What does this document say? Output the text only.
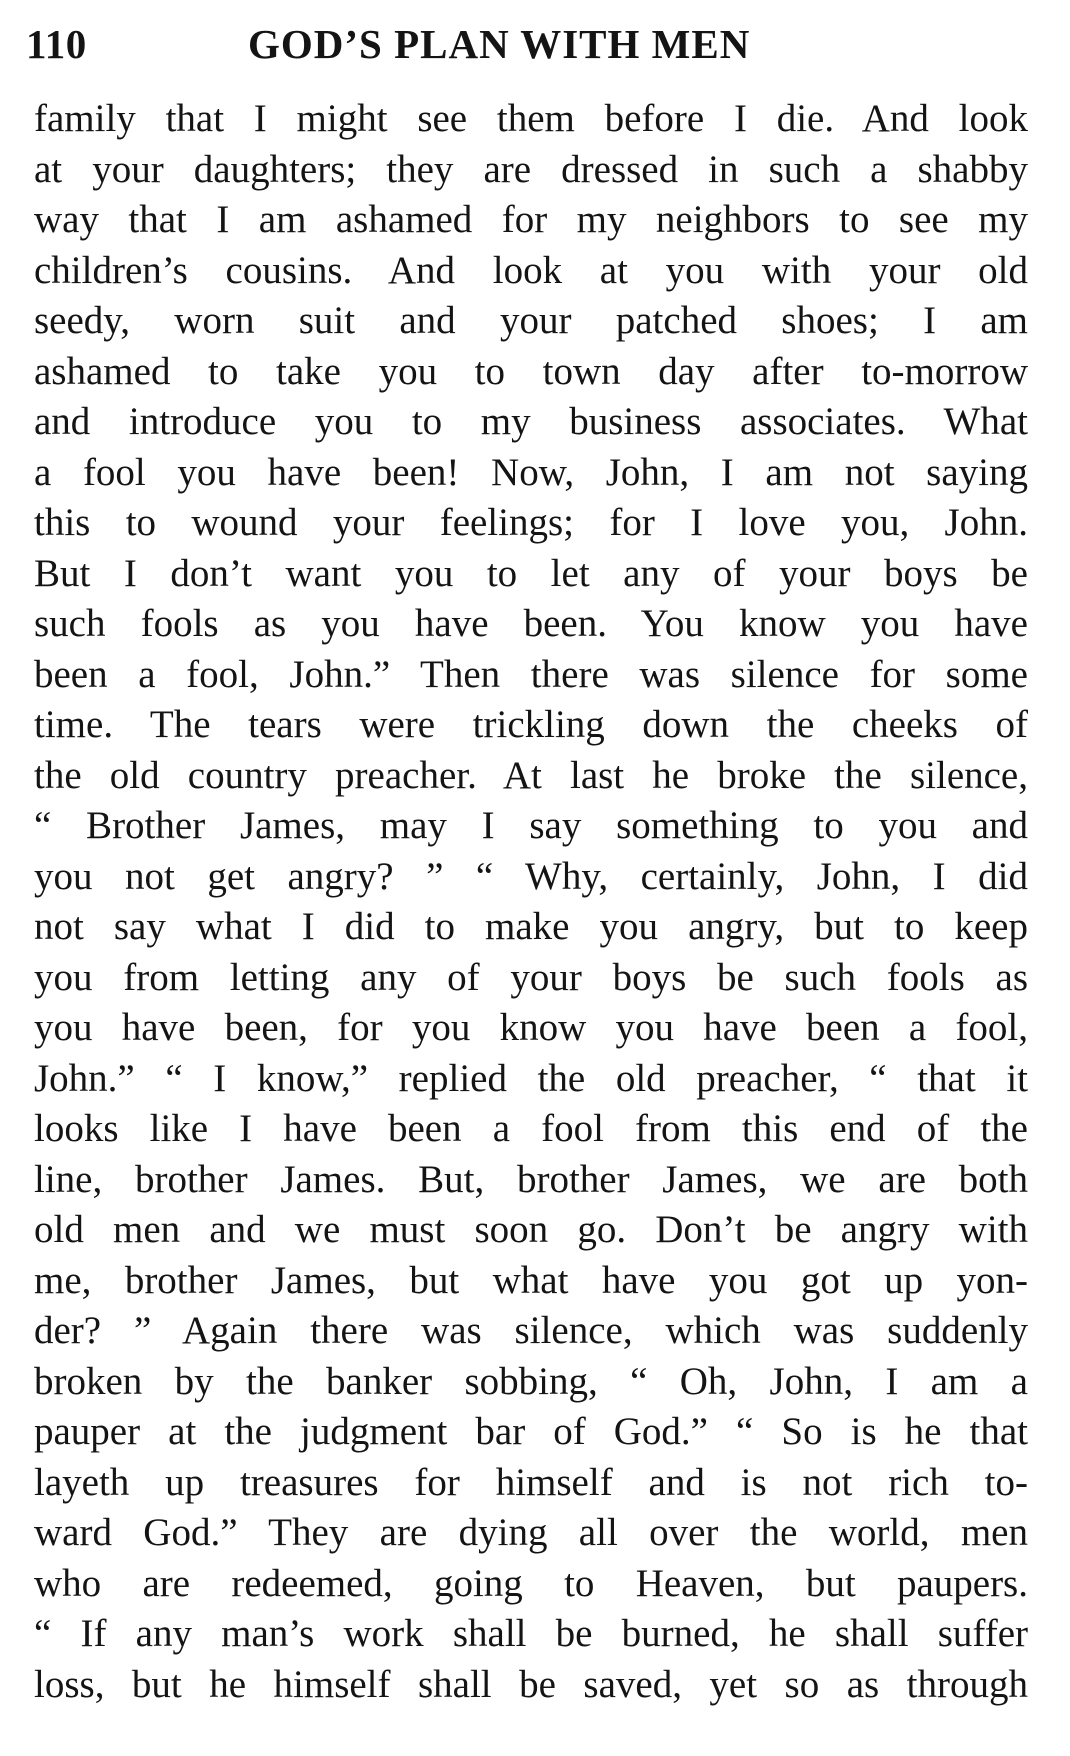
110	GOD’S PLAN WITH MEN
family that I might see them before I die. And look
at your daughters; they are dressed in such a shabby
way that I am ashamed for my neighbors to see my
children’s cousins. And look at you with your old
seedy, worn suit and your patched shoes; I am
ashamed to take you to town day after to-morrow
and introduce you to my business associates. What
a fool you have been! Now, John, I am not saying
this to wound your feelings; for I love you, John.
But I don’t want you to let any of your boys be
such fools as you have been. You know you have
been a fool, John.” Then there was silence for some
time. The tears were trickling down the cheeks of
the old country preacher. At last he broke the silence,
“ Brother James, may I say something to you and
you not get angry? ” “ Why, certainly, John, I did
not say what I did to make you angry, but to keep
you from letting any of your boys be such fools as
you have been, for you know you have been a fool,
John.” “ I know,” replied the old preacher, “ that it
looks like I have been a fool from this end of the
line, brother James. But, brother James, we are both
old men and we must soon go. Don’t be angry with
me, brother James, but what have you got up yon-
der? ” Again there was silence, which was suddenly
broken by the banker sobbing, “ Oh, John, I am a
pauper at the judgment bar of God.” “ So is he that
layeth up treasures for himself and is not rich to-
ward God.” They are dying all over the world, men
who are redeemed, going to Heaven, but paupers.
“ If any man’s work shall be burned, he shall suffer
loss, but he himself shall be saved, yet so as through
